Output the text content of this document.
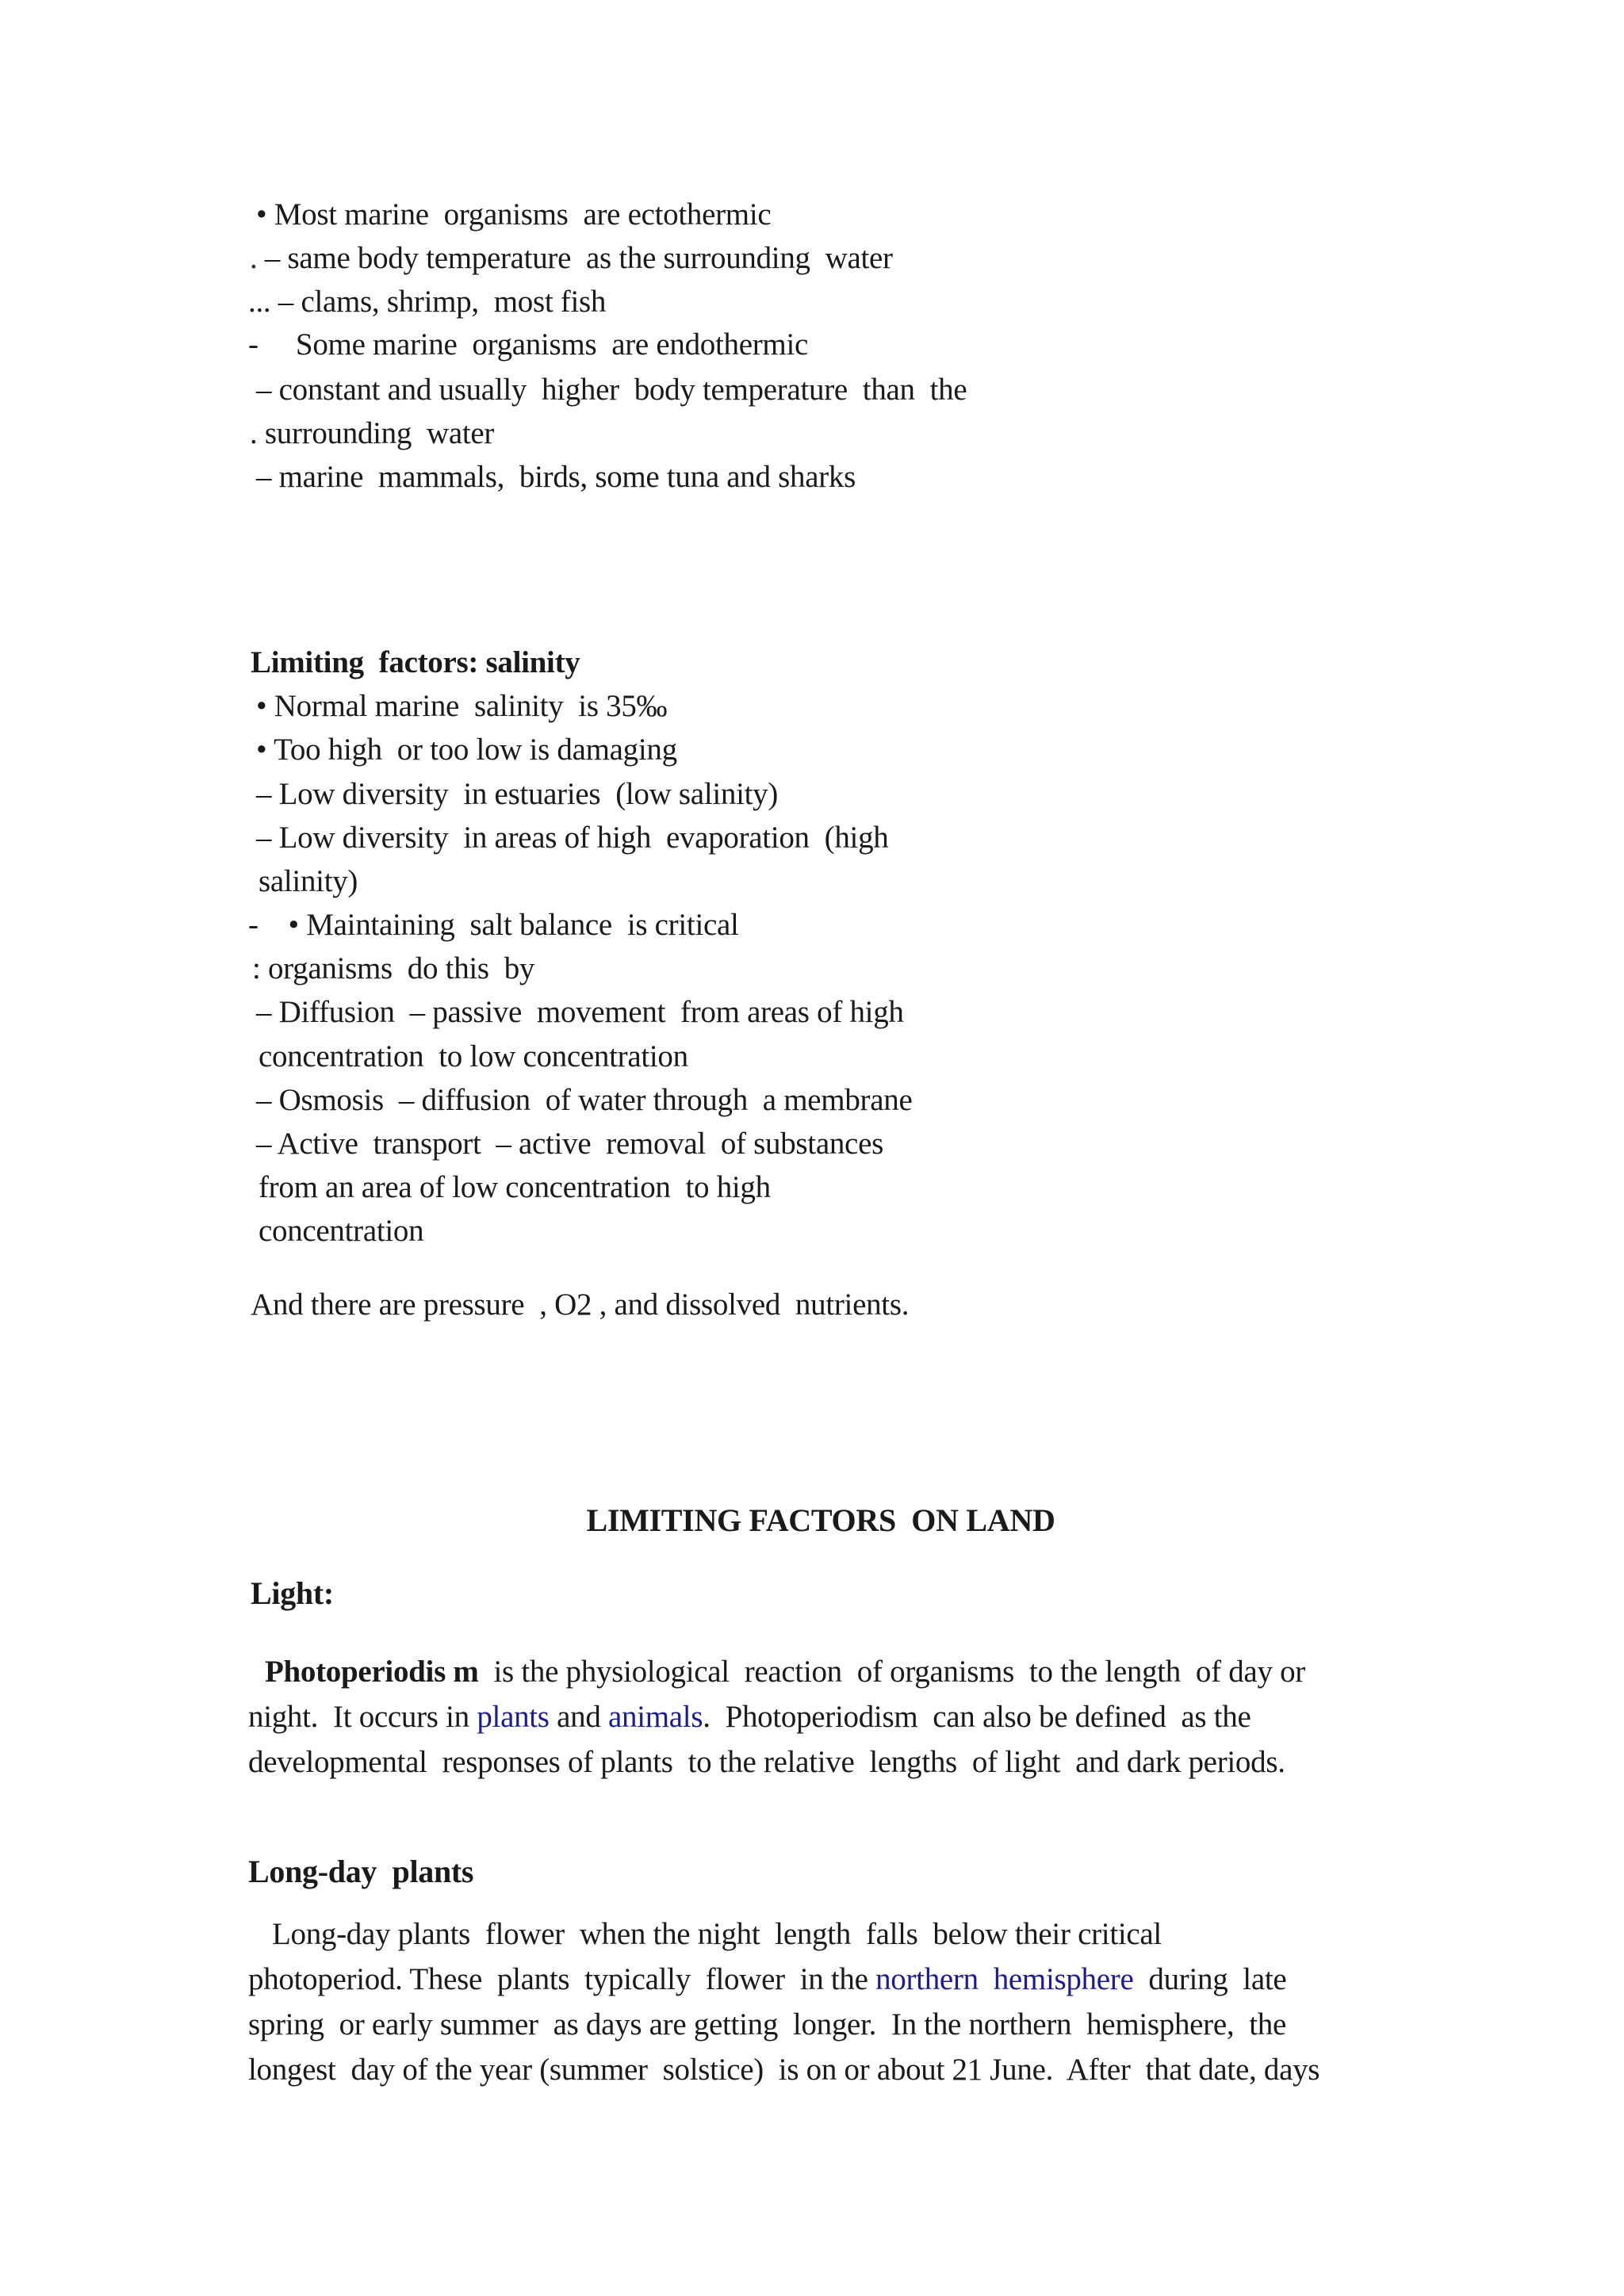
• Most marine  organisms  are ectothermic
. – same body temperature  as the surrounding  water
... – clams, shrimp,  most fish
-     Some marine  organisms  are endothermic
– constant and usually  higher  body temperature  than  the
. surrounding  water
– marine  mammals,  birds, some tuna and sharks
Limiting  factors: salinity
• Normal marine  salinity  is 35‰
• Too high  or too low is damaging
– Low diversity  in estuaries  (low salinity)
– Low diversity  in areas of high  evaporation  (high
salinity)
-    • Maintaining  salt balance  is critical
: organisms  do this  by
– Diffusion  – passive  movement  from areas of high
concentration  to low concentration
– Osmosis  – diffusion  of water through  a membrane
– Active  transport  – active  removal  of substances
from an area of low concentration  to high
concentration
And there are pressure  , O2 , and dissolved  nutrients.
LIMITING FACTORS  ON LAND
Light:
Photoperiodis m  is the physiological  reaction  of organisms  to the length  of day or
night.  It occurs in plants and animals.  Photoperiodism  can also be defined  as the
developmental  responses of plants  to the relative  lengths  of light  and dark periods.
Long-day  plants
Long-day plants  flower  when the night  length  falls  below their critical
photoperiod. These  plants  typically  flower  in the northern  hemisphere  during  late
spring  or early summer  as days are getting  longer.  In the northern  hemisphere,  the
longest  day of the year (summer  solstice)  is on or about 21 June.  After  that date, days
